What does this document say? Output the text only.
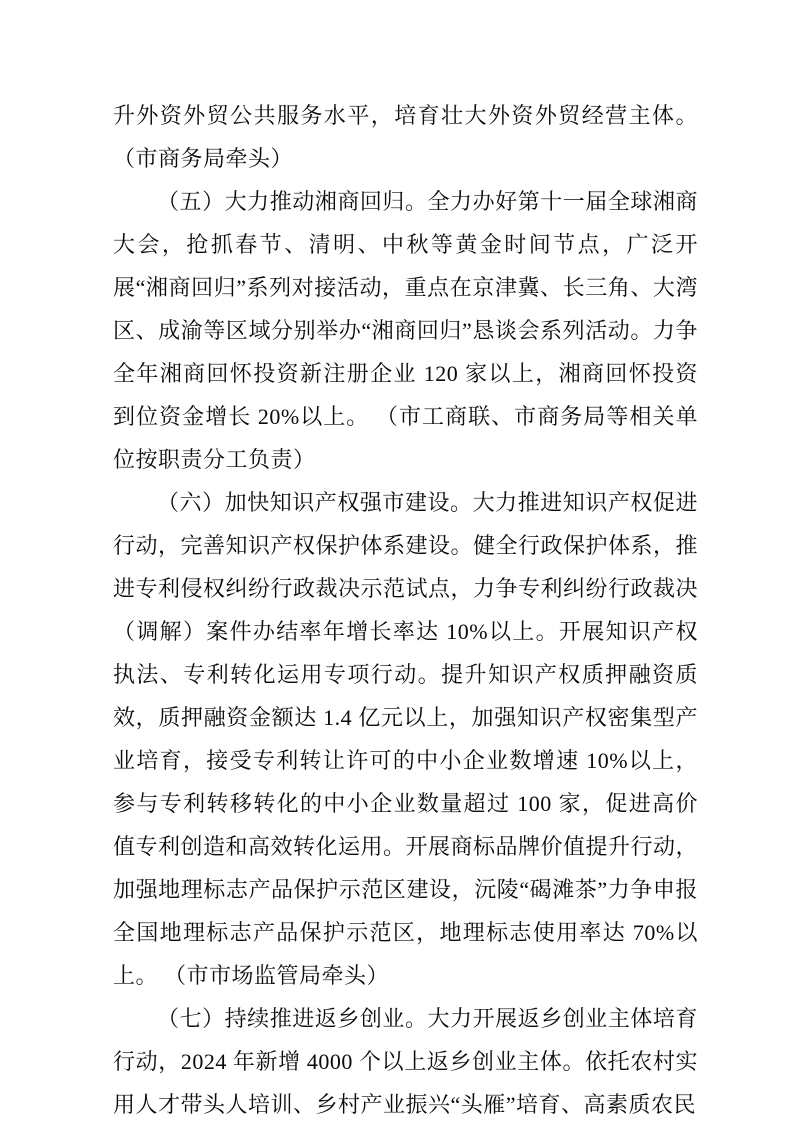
升外资外贸公共服务水平，培育壮大外资外贸经营主体。（市商务局牵头）

（五）大力推动湘商回归。全力办好第十一届全球湘商大会，抢抓春节、清明、中秋等黄金时间节点，广泛开展“湘商回归”系列对接活动，重点在京津冀、长三角、大湾区、成渝等区域分别举办“湘商回归”恳谈会系列活动。力争全年湘商回怀投资新注册企业 120 家以上，湘商回怀投资到位资金增长 20%以上。 （市工商联、市商务局等相关单位按职责分工负责）

（六）加快知识产权强市建设。大力推进知识产权促进行动，完善知识产权保护体系建设。健全行政保护体系，推进专利侵权纠纷行政裁决示范试点，力争专利纠纷行政裁决（调解）案件办结率年增长率达 10%以上。开展知识产权执法、专利转化运用专项行动。提升知识产权质押融资质效，质押融资金额达 1.4 亿元以上，加强知识产权密集型产业培育，接受专利转让许可的中小企业数增速 10%以上，参与专利转移转化的中小企业数量超过 100 家，促进高价值专利创造和高效转化运用。开展商标品牌价值提升行动，加强地理标志产品保护示范区建设，沅陵“碣滩茶”力争申报全国地理标志产品保护示范区，地理标志使用率达 70%以上。 （市市场监管局牵头）

（七）持续推进返乡创业。大力开展返乡创业主体培育行动，2024 年新增 4000 个以上返乡创业主体。依托农村实用人才带头人培训、乡村产业振兴“头雁”培育、高素质农民
